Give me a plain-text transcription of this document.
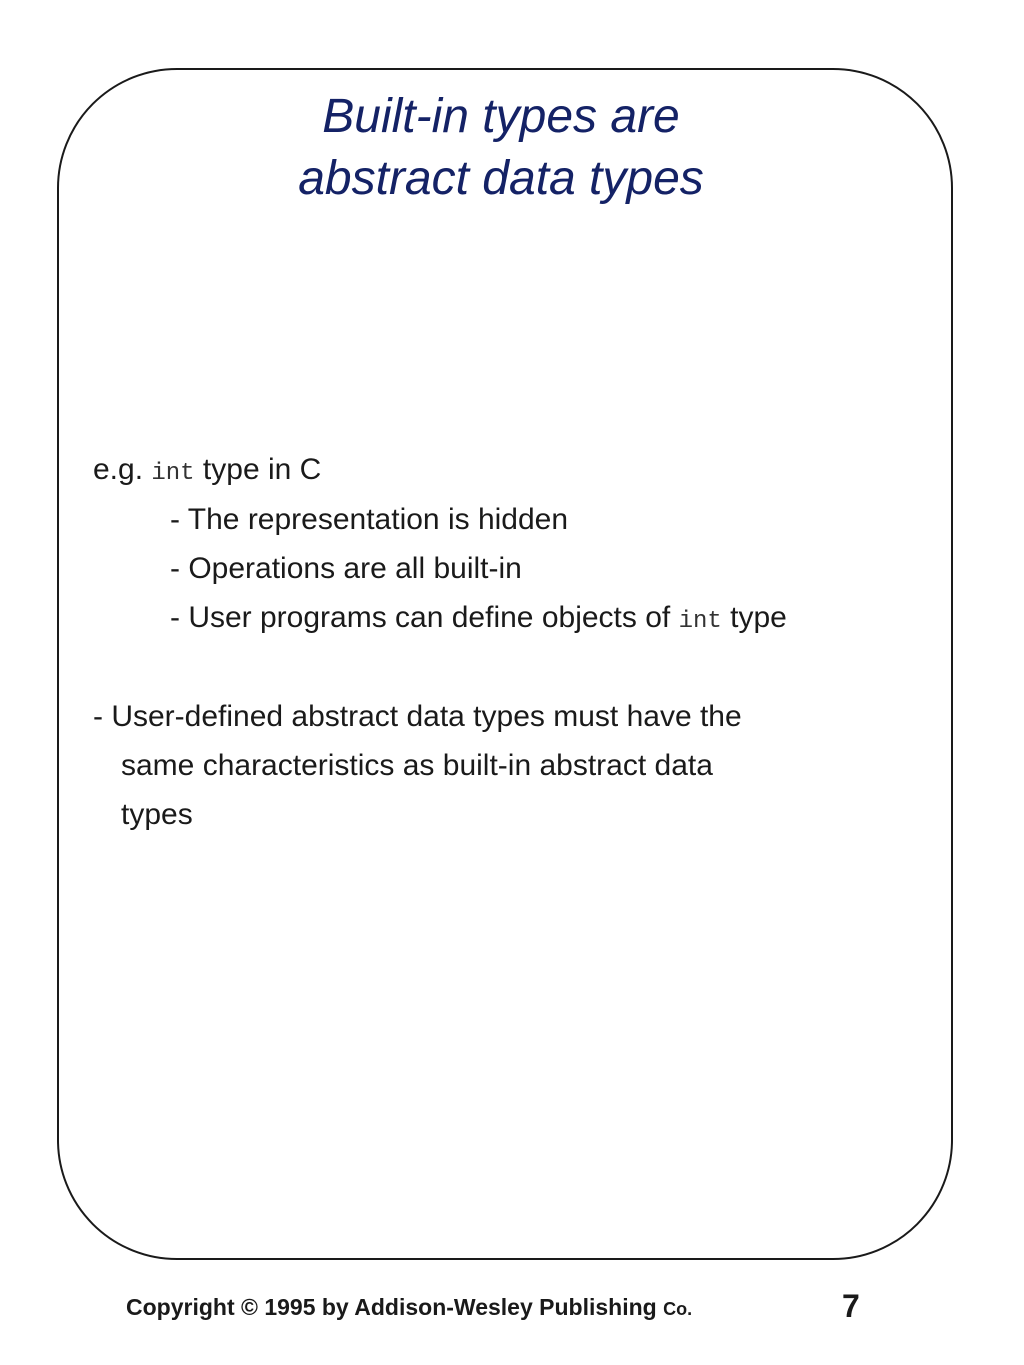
Built-in types are
abstract data types
e.g. int type in C
- The representation is hidden
- Operations are all built-in
- User programs can define objects of int type
- User-defined abstract data types must have the
same characteristics as built-in abstract data
types
Copyright © 1995 by Addison-Wesley Publishing Co.	7
